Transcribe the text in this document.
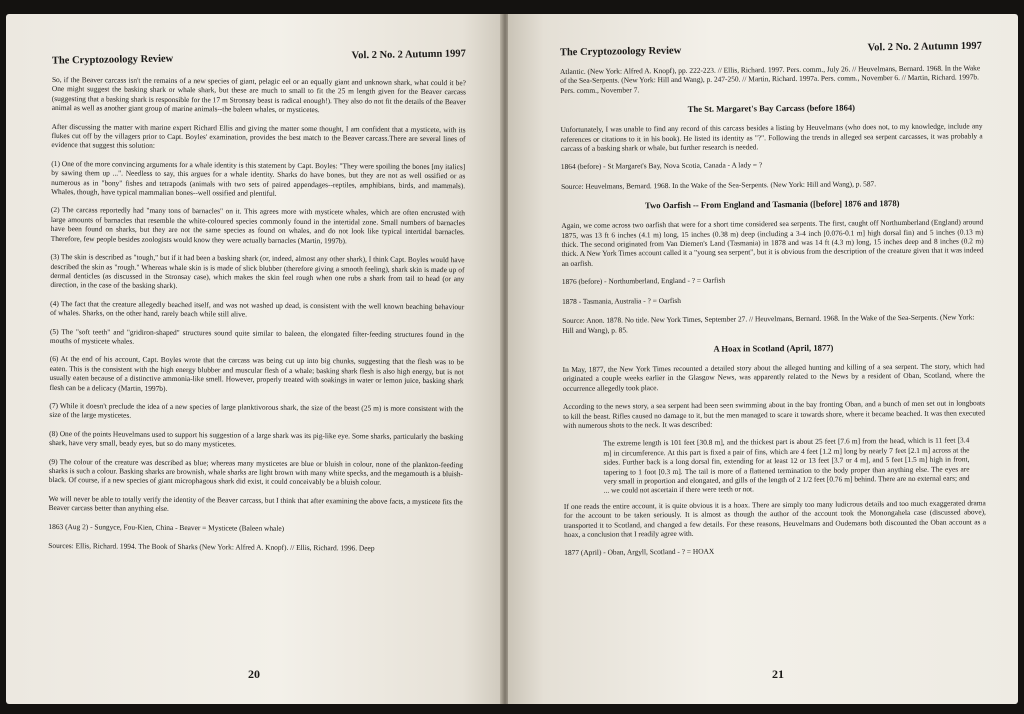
The Cryptozoology Review	Vol. 2 No. 2 Autumn 1997

So, if the Beaver carcass isn't the remains of a new species of giant, pelagic eel or an equally giant and unknown shark, what could it be? One might suggest the basking shark or whale shark, but these are much to small to fit the 25 m length given for the Beaver carcass (suggesting that a basking shark is responsible for the 17 m Stronsay beast is radical enough!). They also do not fit the details of the Beaver animal as well as another giant group of marine animals--the baleen whales, or mysticetes.

After discussing the matter with marine expert Richard Ellis and giving the matter some thought, I am confident that a mysticete, with its flukes cut off by the villagers prior to Capt. Boyles' examination, provides the best match to the Beaver carcass.There are several lines of evidence that suggest this solution:

(1) One of the more convincing arguments for a whale identity is this statement by Capt. Boyles: "They were spoiling the bones [my italics] by sawing them up ...". Needless to say, this argues for a whale identity. Sharks do have bones, but they are not as well ossified or as numerous as in "bony" fishes and tetrapods (animals with two sets of paired appendages--reptiles, amphibians, birds, and mammals). Whales, though, have typical mammalian bones--well ossified and plentiful.

(2) The carcass reportedly had "many tons of barnacles" on it. This agrees more with mysticete whales, which are often encrusted with large amounts of barnacles that resemble the white-coloured species commonly found in the intertidal zone. Small numbers of barnacles have been found on sharks, but they are not the same species as found on whales, and do not look like typical intertidal barnacles. Therefore, few people besides zoologists would know they were actually barnacles (Martin, 1997b).

(3) The skin is described as "tough," but if it had been a basking shark (or, indeed, almost any other shark), I think Capt. Boyles would have described the skin as "rough." Whereas whale skin is is made of slick blubber (therefore giving a smooth feeling), shark skin is made up of dermal denticles (as discussed in the Stronsay case), which makes the skin feel rough when one rubs a shark from tail to head (or any direction, in the case of the basking shark).

(4) The fact that the creature allegedly beached itself, and was not washed up dead, is consistent with the well known beaching behaviour of whales. Sharks, on the other hand, rarely beach while still alive.

(5) The "soft teeth" and "gridiron-shaped" structures sound quite similar to baleen, the elongated filter-feeding structures found in the mouths of mysticete whales.

(6) At the end of his account, Capt. Boyles wrote that the carcass was being cut up into big chunks, suggesting that the flesh was to be eaten. This is the consistent with the high energy blubber and muscular flesh of a whale; basking shark flesh is also high energy, but is not usually eaten because of a distinctive ammonia-like smell. However, properly treated with soakings in water or lemon juice, basking shark flesh can be a delicacy (Martin, 1997b).

(7) While it doesn't preclude the idea of a new species of large planktivorous shark, the size of the beast (25 m) is more consistent with the size of the large mysticetes.

(8) One of the points Heuvelmans used to support his suggestion of a large shark was its pig-like eye. Some sharks, particularly the basking shark, have very small, beady eyes, but so do many mysticetes.

(9) The colour of the creature was described as blue; whereas many mysticetes are blue or bluish in colour, none of the plankton-feeding sharks is such a colour. Basking sharks are brownish, whale sharks are light brown with many white specks, and the megamouth is a bluish-black. Of course, if a new species of giant microphagous shark did exist, it could conceivably be a bluish colour.

We will never be able to totally verify the identity of the Beaver carcass, but I think that after examining the above facts, a mysticete fits the Beaver carcass better than anything else.

1863 (Aug 2) - Sungyce, Fou-Kien, China - Beaver = Mysticete (Baleen whale)

Sources: Ellis, Richard. 1994. The Book of Sharks (New York: Alfred A. Knopf). // Ellis, Richard. 1996. Deep

20
The Cryptozoology Review	Vol. 2 No. 2 Autumn 1997

Atlantic. (New York: Alfred A. Knopf), pp. 222-223. // Ellis, Richard. 1997. Pers. comm., July 26. // Heuvelmans, Bernard. 1968. In the Wake of the Sea-Serpents. (New York: Hill and Wang), p. 247-250. // Martin, Richard. 1997a. Pers. comm., November 6. // Martin, Richard. 1997b. Pers. comm., November 7.

The St. Margaret's Bay Carcass (before 1864)

Unfortunately, I was unable to find any record of this carcass besides a listing by Heuvelmans (who does not, to my knowledge, include any references or citations to it in his book). He listed its identity as "?". Following the trends in alleged sea serpent carcasses, it was probably a carcass of a basking shark or whale, but further research is needed.

1864 (before) - St Margaret's Bay, Nova Scotia, Canada - A lady = ?

Source: Heuvelmans, Bernard. 1968. In the Wake of the Sea-Serpents. (New York: Hill and Wang), p. 587.

Two Oarfish -- From England and Tasmania ([before] 1876 and 1878)

Again, we come across two oarfish that were for a short time considered sea serpents. The first, caught off Northumberland (England) around 1875, was 13 ft 6 inches (4.1 m) long, 15 inches (0.38 m) deep (including a 3-4 inch [0.076-0.1 m] high dorsal fin) and 5 inches (0.13 m) thick. The second originated from Van Diemen's Land (Tasmania) in 1878 and was 14 ft (4.3 m) long, 15 inches deep and 8 inches (0.2 m) thick. A New York Times account called it a "young sea serpent", but it is obvious from the description of the creature given that it was indeed an oarfish.

1876 (before) - Northumberland, England - ? = Oarfish

1878 - Tasmania, Australia - ? = Oarfish

Source: Anon. 1878. No title. New York Times, September 27. // Heuvelmans, Bernard. 1968. In the Wake of the Sea-Serpents. (New York: Hill and Wang), p. 85.

A Hoax in Scotland (April, 1877)

In May, 1877, the New York Times recounted a detailed story about the alleged hunting and killing of a sea serpent. The story, which had originated a couple weeks earlier in the Glasgow News, was apparently related to the News by a resident of Oban, Scotland, where the occurrence allegedly took place.

According to the news story, a sea serpent had been seen swimming about in the bay fronting Oban, and a bunch of men set out in longboats to kill the beast. Rifles caused no damage to it, but the men managed to scare it towards shore, where it became beached. It was then executed with numerous shots to the neck. It was described:

The extreme length is 101 feet [30.8 m], and the thickest part is about 25 feet [7.6 m] from the head, which is 11 feet [3.4 m] in circumference. At this part is fixed a pair of fins, which are 4 feet [1.2 m] long by nearly 7 feet [2.1 m] across at the sides. Further back is a long dorsal fin, extending for at least 12 or 13 feet [3.7 or 4 m], and 5 feet [1.5 m] high in front, tapering to 1 foot [0.3 m]. The tail is more of a flattened termination to the body proper than anything else. The eyes are very small in proportion and elongated, and gills of the length of 2 1/2 feet [0.76 m] behind. There are no external ears; and ... we could not ascertain if there were teeth or not.

If one reads the entire account, it is quite obvious it is a hoax. There are simply too many ludicrous details and too much exaggerated drama for the account to be taken seriously. It is almost as though the author of the account took the Monongahela case (discussed above), transported it to Scotland, and changed a few details. For these reasons, Heuvelmans and Oudemans both discounted the Oban account as a hoax, a conclusion that I readily agree with.

1877 (April) - Oban, Argyll, Scotland - ? = HOAX

21
